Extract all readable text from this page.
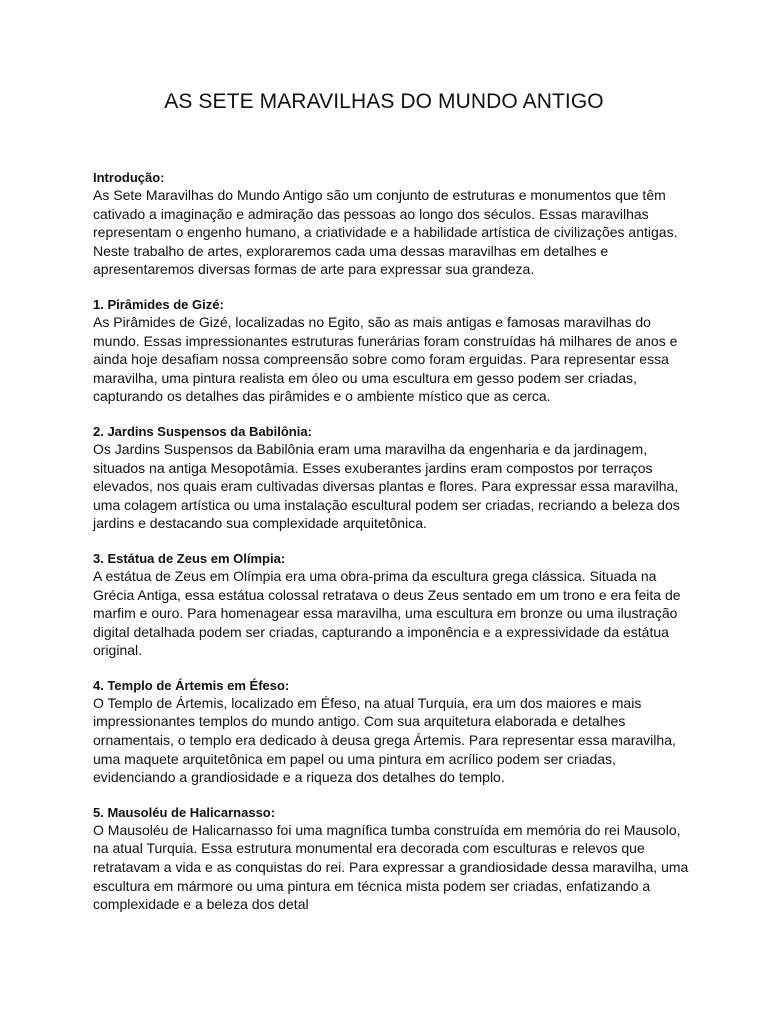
AS SETE MARAVILHAS DO MUNDO ANTIGO

Introdução:

As Sete Maravilhas do Mundo Antigo são um conjunto de estruturas e monumentos que têm cativado a imaginação e admiração das pessoas ao longo dos séculos. Essas maravilhas representam o engenho humano, a criatividade e a habilidade artística de civilizações antigas. Neste trabalho de artes, exploraremos cada uma dessas maravilhas em detalhes e apresentaremos diversas formas de arte para expressar sua grandeza.

1. Pirâmides de Gizé:

As Pirâmides de Gizé, localizadas no Egito, são as mais antigas e famosas maravilhas do mundo. Essas impressionantes estruturas funerárias foram construídas há milhares de anos e ainda hoje desafiam nossa compreensão sobre como foram erguidas. Para representar essa maravilha, uma pintura realista em óleo ou uma escultura em gesso podem ser criadas, capturando os detalhes das pirâmides e o ambiente místico que as cerca.

2. Jardins Suspensos da Babilônia:

Os Jardins Suspensos da Babilônia eram uma maravilha da engenharia e da jardinagem, situados na antiga Mesopotâmia. Esses exuberantes jardins eram compostos por terraços elevados, nos quais eram cultivadas diversas plantas e flores. Para expressar essa maravilha, uma colagem artística ou uma instalação escultural podem ser criadas, recriando a beleza dos jardins e destacando sua complexidade arquitetônica.

3. Estátua de Zeus em Olímpia:

A estátua de Zeus em Olímpia era uma obra-prima da escultura grega clássica. Situada na Grécia Antiga, essa estátua colossal retratava o deus Zeus sentado em um trono e era feita de marfim e ouro. Para homenagear essa maravilha, uma escultura em bronze ou uma ilustração digital detalhada podem ser criadas, capturando a imponência e a expressividade da estátua original.

4. Templo de Ártemis em Éfeso:

O Templo de Ártemis, localizado em Éfeso, na atual Turquia, era um dos maiores e mais impressionantes templos do mundo antigo. Com sua arquitetura elaborada e detalhes ornamentais, o templo era dedicado à deusa grega Ártemis. Para representar essa maravilha, uma maquete arquitetônica em papel ou uma pintura em acrílico podem ser criadas, evidenciando a grandiosidade e a riqueza dos detalhes do templo.

5. Mausoléu de Halicarnasso:

O Mausoléu de Halicarnasso foi uma magnífica tumba construída em memória do rei Mausolo, na atual Turquia. Essa estrutura monumental era decorada com esculturas e relevos que retratavam a vida e as conquistas do rei. Para expressar a grandiosidade dessa maravilha, uma escultura em mármore ou uma pintura em técnica mista podem ser criadas, enfatizando a complexidade e a beleza dos detal
